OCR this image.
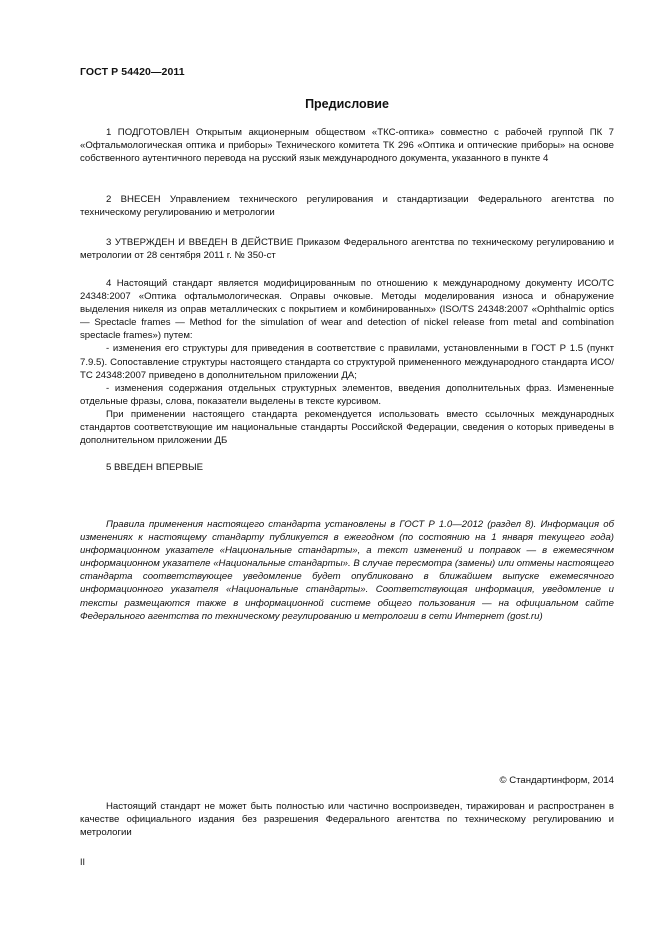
ГОСТ Р 54420—2011
Предисловие

1 ПОДГОТОВЛЕН Открытым акционерным обществом «ТКС-оптика» совместно с рабочей группой ПК 7 «Офтальмологическая оптика и приборы» Технического комитета ТК 296 «Оптика и оптические приборы» на основе собственного аутентичного перевода на русский язык международного документа, указанного в пункте 4

2 ВНЕСЕН Управлением технического регулирования и стандартизации Федерального агентства по техническому регулированию и метрологии

3 УТВЕРЖДЕН И ВВЕДЕН В ДЕЙСТВИЕ Приказом Федерального агентства по техническому регулированию и метрологии от 28 сентября 2011 г. № 350-ст

4 Настоящий стандарт является модифицированным по отношению к международному документу ИСО/ТС 24348:2007 «Оптика офтальмологическая. Оправы очковые. Методы моделирования износа и обнаружение выделения никеля из оправ металлических с покрытием и комбинированных» (ISO/TS 24348:2007 «Ophthalmic optics — Spectacle frames — Method for the simulation of wear and detection of nickel release from metal and combination spectacle frames») путем:

- изменения его структуры для приведения в соответствие с правилами, установленными в ГОСТ Р 1.5 (пункт 7.9.5). Сопоставление структуры настоящего стандарта со структурой примененного международного стандарта ИСО/ТС 24348:2007 приведено в дополнительном приложении ДА;

- изменения содержания отдельных структурных элементов, введения дополнительных фраз. Измененные отдельные фразы, слова, показатели выделены в тексте курсивом.

При применении настоящего стандарта рекомендуется использовать вместо ссылочных международных стандартов соответствующие им национальные стандарты Российской Федерации, сведения о которых приведены в дополнительном приложении ДБ

5 ВВЕДЕН ВПЕРВЫЕ

Правила применения настоящего стандарта установлены в ГОСТ Р 1.0—2012 (раздел 8). Информация об изменениях к настоящему стандарту публикуется в ежегодном (по состоянию на 1 января текущего года) информационном указателе «Национальные стандарты», а текст изменений и поправок — в ежемесячном информационном указателе «Национальные стандарты». В случае пересмотра (замены) или отмены настоящего стандарта соответствующее уведомление будет опубликовано в ближайшем выпуске ежемесячного информационного указателя «Национальные стандарты». Соответствующая информация, уведомление и тексты размещаются также в информационной системе общего пользования — на официальном сайте Федерального агентства по техническому регулированию и метрологии в сети Интернет (gost.ru)

© Стандартинформ, 2014

Настоящий стандарт не может быть полностью или частично воспроизведен, тиражирован и распространен в качестве официального издания без разрешения Федерального агентства по техническому регулированию и метрологии

II
